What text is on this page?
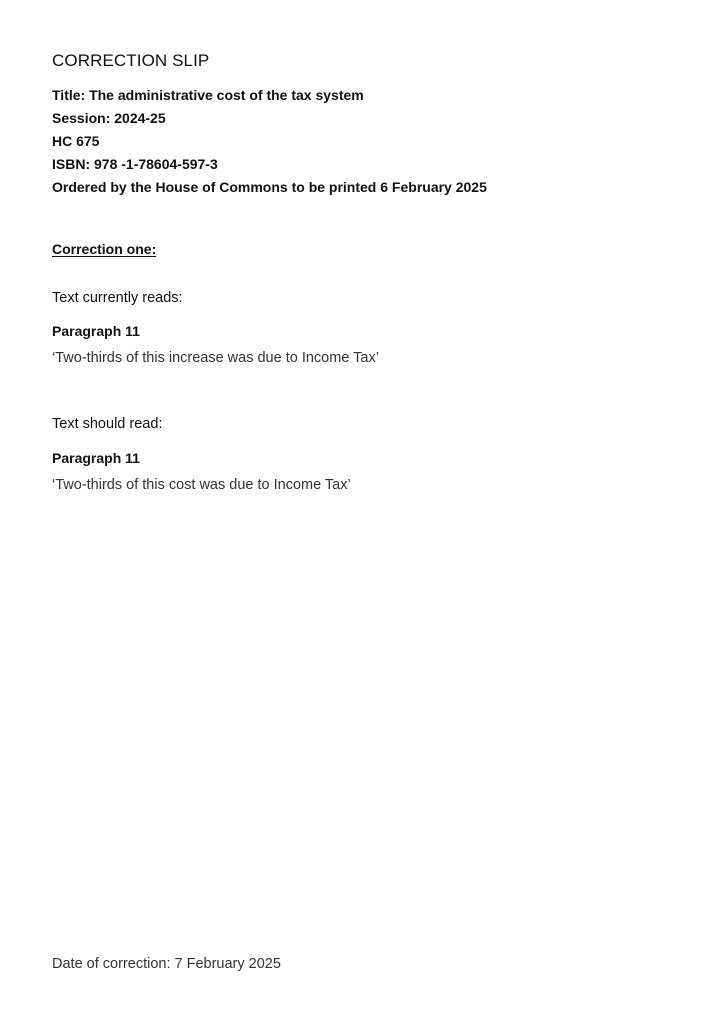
CORRECTION SLIP

Title: The administrative cost of the tax system

Session: 2024-25

HC 675

ISBN: 978 -1-78604-597-3

Ordered by the House of Commons to be printed 6 February 2025

Correction one:

Text currently reads:

Paragraph 11

‘Two-thirds of this increase was due to Income Tax’

Text should read:

Paragraph 11

‘Two-thirds of this cost was due to Income Tax’

Date of correction: 7 February 2025
